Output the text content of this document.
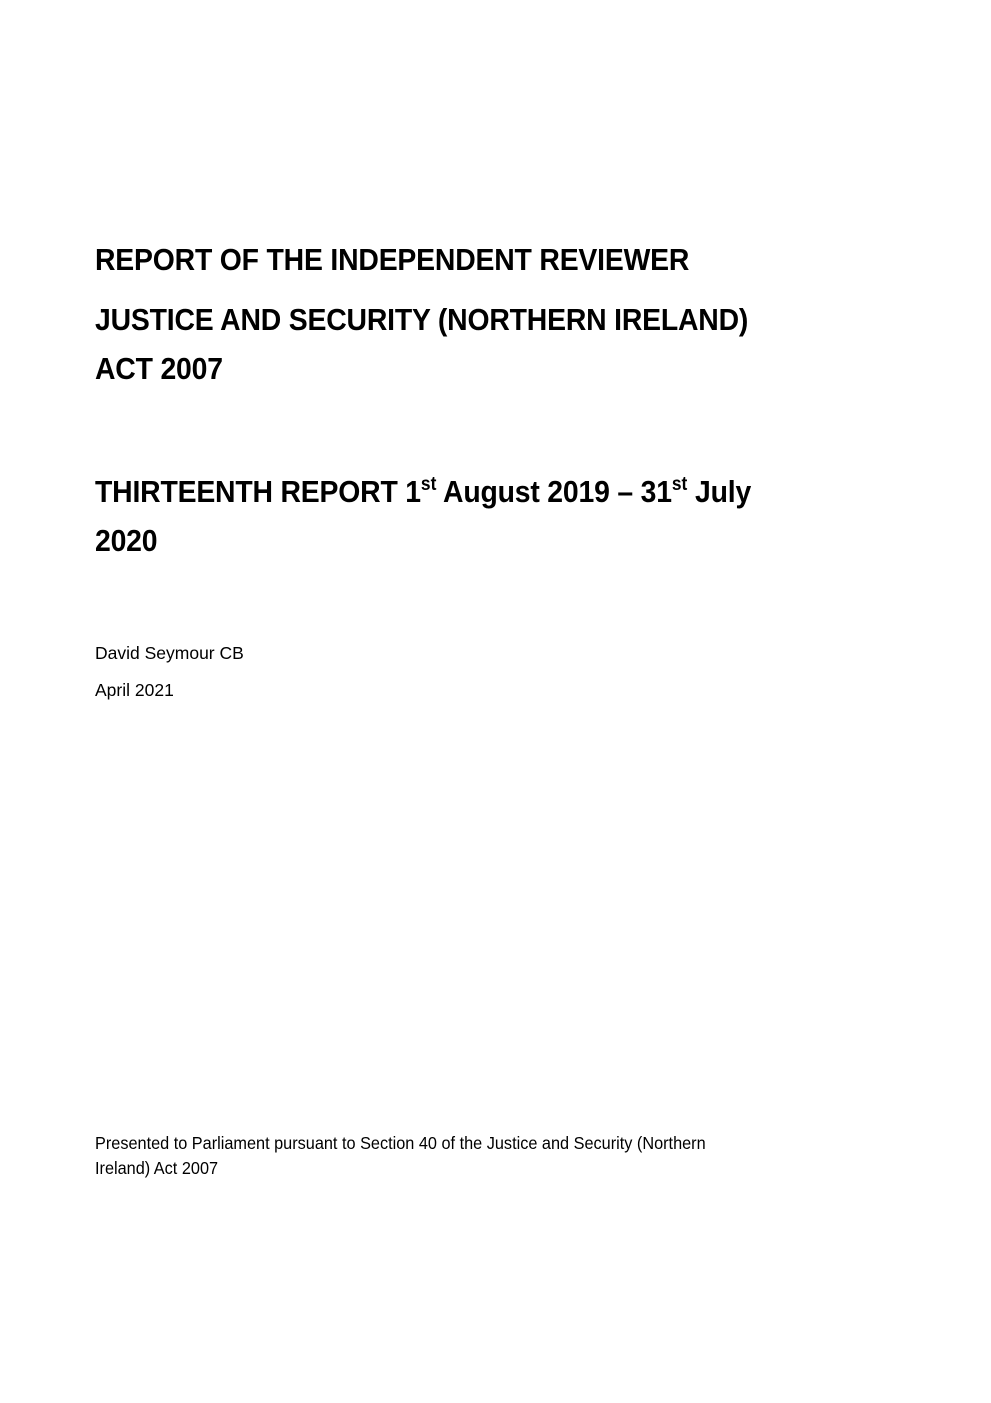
REPORT OF THE INDEPENDENT REVIEWER
JUSTICE AND SECURITY (NORTHERN IRELAND)
ACT 2007
THIRTEENTH REPORT 1st August 2019 – 31st July
2020
David Seymour CB
April 2021
Presented to Parliament pursuant to Section 40 of the Justice and Security (Northern
Ireland) Act 2007
